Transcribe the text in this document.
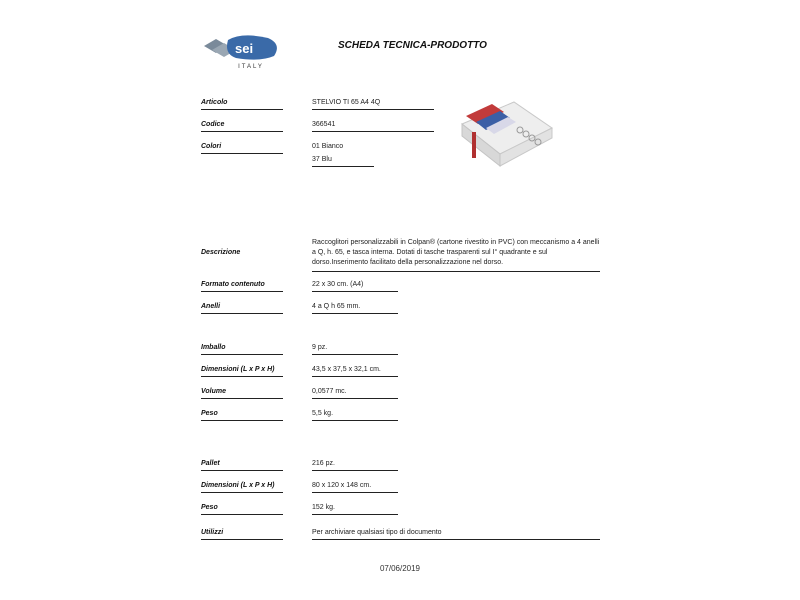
sei
ITALY
SCHEDA TECNICA-PRODOTTO
Articolo	STELVIO TI 65 A4 4Q
Codice	366541
Colori	01 Bianco
37 Blu
Descrizione
Raccoglitori personalizzabili in Colpan® (cartone rivestito in PVC) con meccanismo a 4 anelli a Q, h. 65, e tasca interna. Dotati di tasche trasparenti sul I° quadrante e sul dorso.Inserimento facilitato della personalizzazione nel dorso.
Formato contenuto	22 x 30 cm. (A4)
Anelli	4 a Q h 65 mm.
Imballo	9 pz.
Dimensioni (L x P x H)	43,5 x 37,5 x 32,1 cm.
Volume	0,0577 mc.
Peso	5,5 kg.
Pallet	216 pz.
Dimensioni (L x P x H)	80 x 120 x 148 cm.
Peso	152 kg.
Utilizzi	Per archiviare qualsiasi tipo di documento
07/06/2019
